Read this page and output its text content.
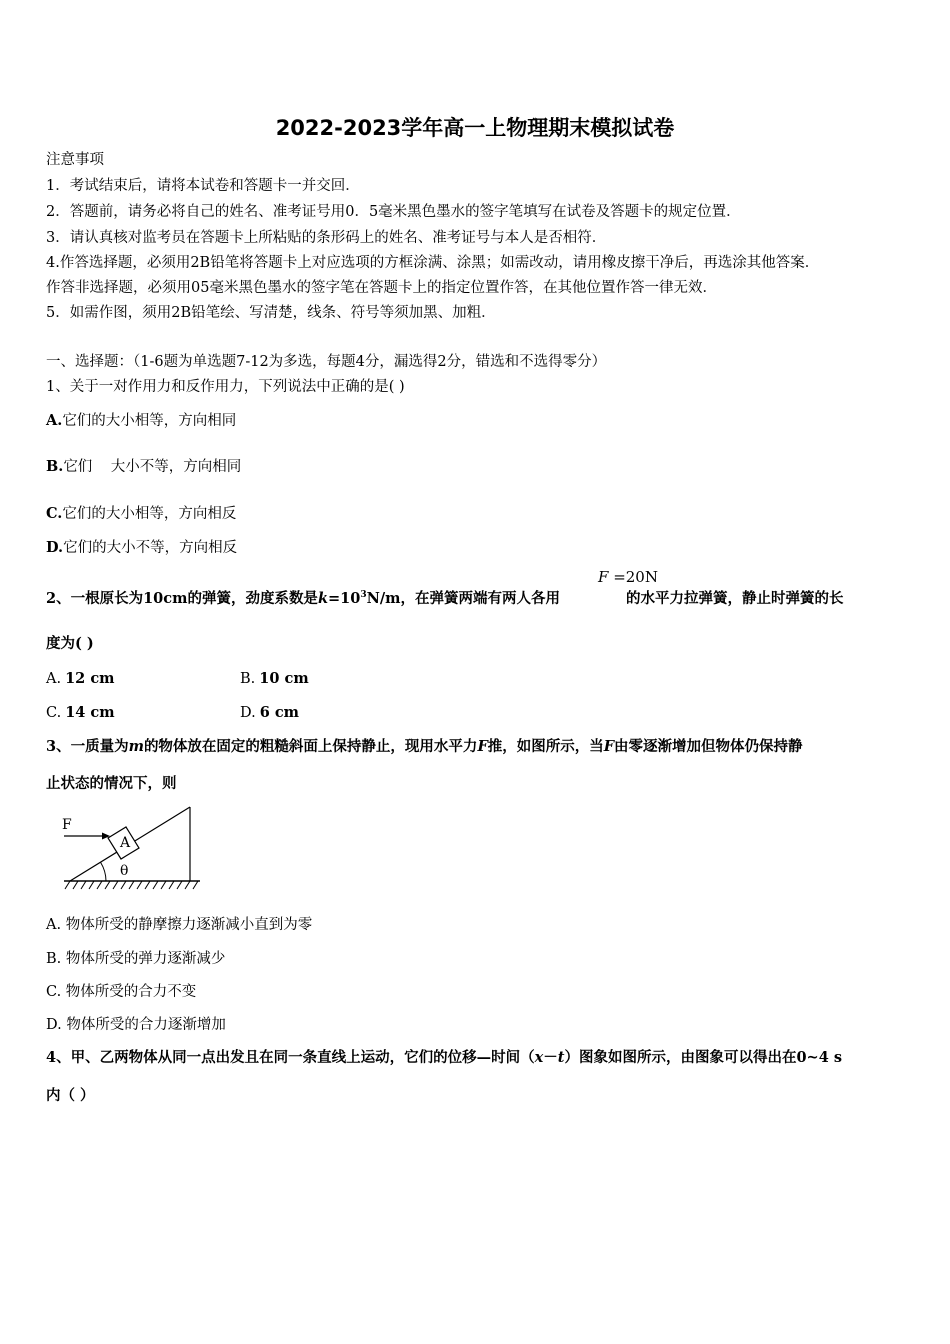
2022-2023学年高一上物理期末模拟试卷
注意事项
1．考试结束后，请将本试卷和答题卡一并交回．
2．答题前，请务必将自己的姓名、准考证号用0．5毫米黑色墨水的签字笔填写在试卷及答题卡的规定位置．
3．请认真核对监考员在答题卡上所粘贴的条形码上的姓名、准考证号与本人是否相符．
4.作答选择题，必须用2B铅笔将答题卡上对应选项的方框涂满、涂黑；如需改动，请用橡皮擦干净后，再选涂其他答案．
作答非选择题，必须用05毫米黑色墨水的签字笔在答题卡上的指定位置作答，在其他位置作答一律无效．
5．如需作图，须用2B铅笔绘、写清楚，线条、符号等须加黑、加粗．
一、选择题：（1-6题为单选题7-12为多选，每题4分，漏选得2分，错选和不选得零分）
1、关于一对作用力和反作用力，下列说法中正确的是( )
A.它们的大小相等，方向相同
B.它们    大小不等，方向相同
C.它们的大小相等，方向相反
D.它们的大小不等，方向相反
F =20N
2、一根原长为10cm的弹簧，劲度系数是$k=10^3N/m$，在弹簧两端有两人各用	的水平力拉弹簧，静止时弹簧的长
度为( )
A. 12 cm	B. 10 cm
C. 14 cm	D. 6 cm
3、一质量为m的物体放在固定的粗糙斜面上保持静止，现用水平力F推，如图所示，当F由零逐渐增加但物体仍保持静
止状态的情况下，则
A
F
θ
A. 物体所受的静摩擦力逐渐减小直到为零
B. 物体所受的弹力逐渐减少
C. 物体所受的合力不变
D. 物体所受的合力逐渐增加
4、甲、乙两物体从同一点出发且在同一条直线上运动，它们的位移—时间（x－t）图象如图所示，由图象可以得出在0~4 s
内（ ）
